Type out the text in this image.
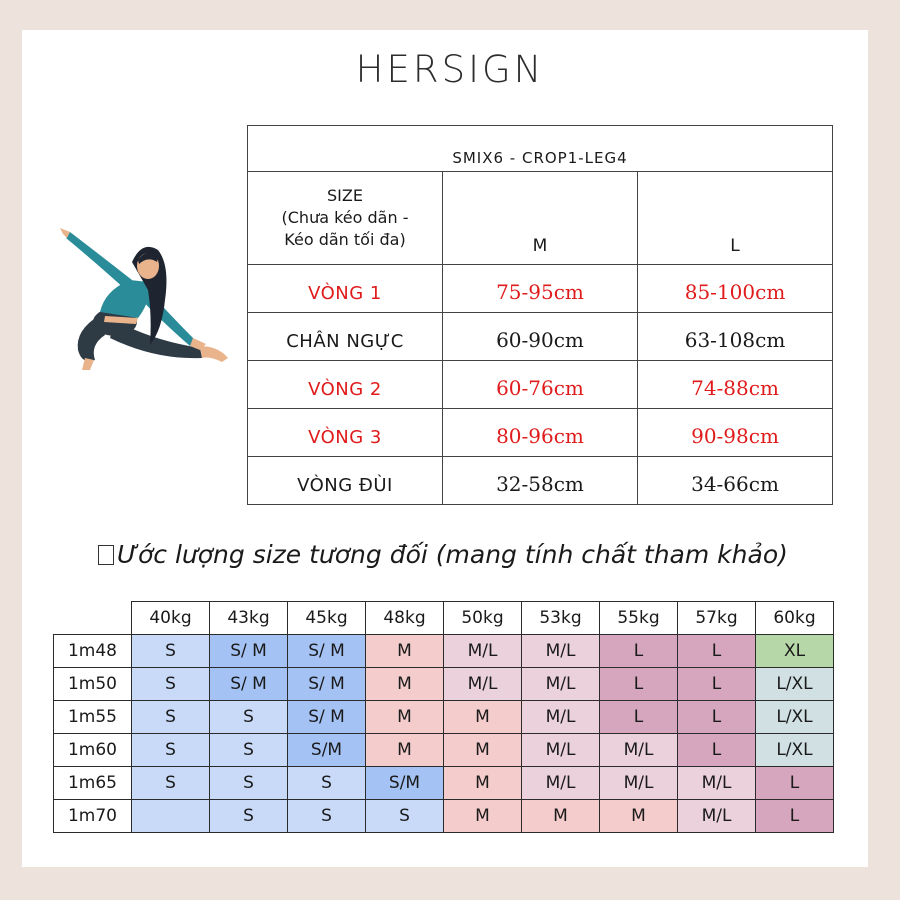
HERSIGN
SMIX6 - CROP1-LEG4		

SIZE
(Chưa kéo dãn -
Kéo dãn tối đa)	M	L
VÒNG 1	75-95cm	85-100cm
CHÂN NGỰC	60-90cm	63-108cm
VÒNG 2	60-76cm	74-88cm
VÒNG 3	80-96cm	90-98cm
VÒNG ĐÙI	32-58cm	34-66cm
Ước lượng size tương đối (mang tính chất tham khảo)
	40kg	43kg	45kg	48kg	50kg	53kg	55kg	57kg	60kg
1m48	S	S/ M	S/ M	M	M/L	M/L	L	L	XL
1m50	S	S/ M	S/ M	M	M/L	M/L	L	L	L/XL
1m55	S	S	S/ M	M	M	M/L	L	L	L/XL
1m60	S	S	S/M	M	M	M/L	M/L	L	L/XL
1m65	S	S	S	S/M	M	M/L	M/L	M/L	L
1m70		S	S	S	M	M	M	M/L	L
